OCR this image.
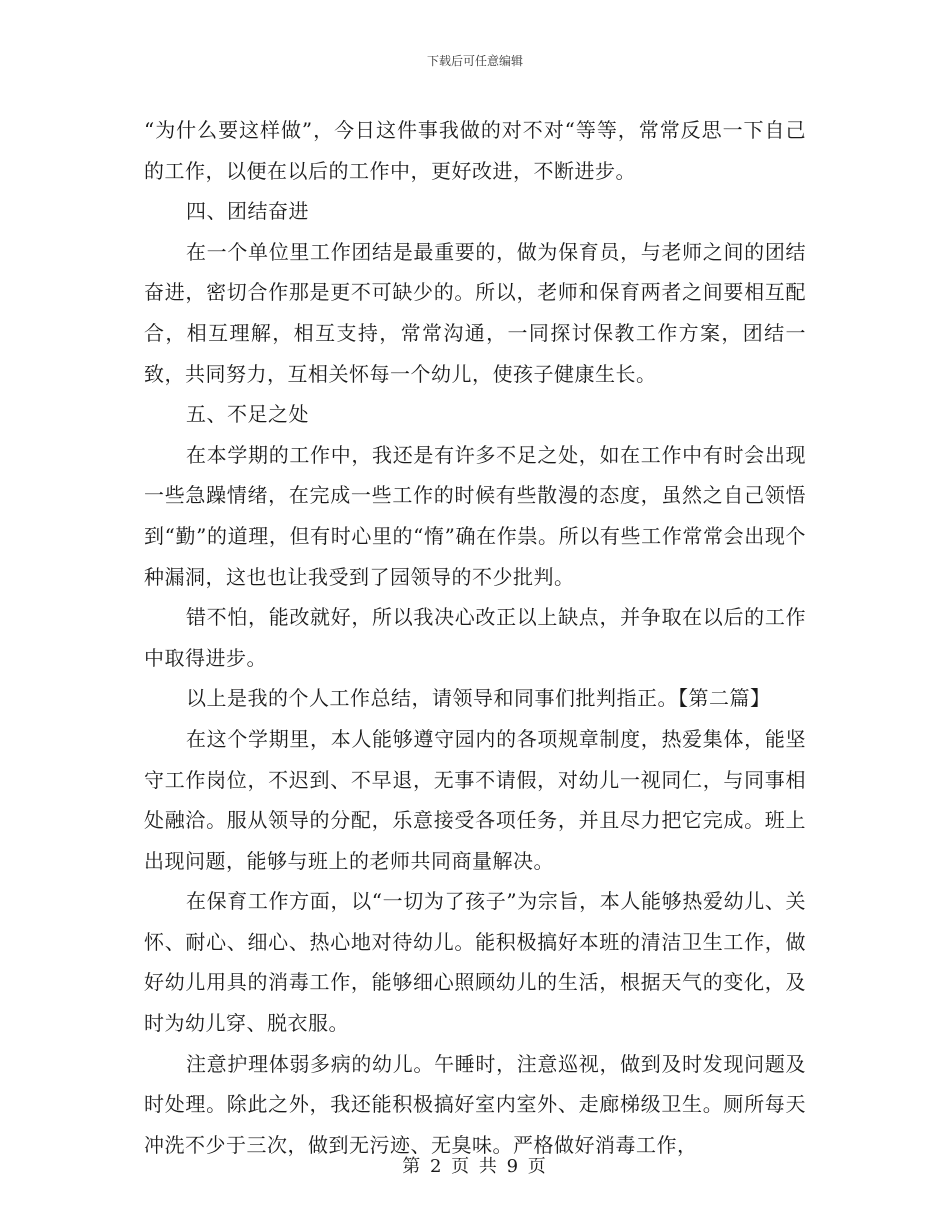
下载后可任意编辑

“为什么要这样做”，今日这件事我做的对不对“等等，常常反思一下自己的工作，以便在以后的工作中，更好改进，不断进步。

四、团结奋进

在一个单位里工作团结是最重要的，做为保育员，与老师之间的团结奋进，密切合作那是更不可缺少的。所以，老师和保育两者之间要相互配合，相互理解，相互支持，常常沟通，一同探讨保教工作方案，团结一致，共同努力，互相关怀每一个幼儿，使孩子健康生长。

五、不足之处

在本学期的工作中，我还是有许多不足之处，如在工作中有时会出现一些急躁情绪，在完成一些工作的时候有些散漫的态度，虽然之自己领悟到“勤”的道理，但有时心里的“惰”确在作祟。所以有些工作常常会出现个种漏洞，这也也让我受到了园领导的不少批判。

错不怕，能改就好，所以我决心改正以上缺点，并争取在以后的工作中取得进步。

以上是我的个人工作总结，请领导和同事们批判指正。【第二篇】

在这个学期里，本人能够遵守园内的各项规章制度，热爱集体，能坚守工作岗位，不迟到、不早退，无事不请假，对幼儿一视同仁，与同事相处融洽。服从领导的分配，乐意接受各项任务，并且尽力把它完成。班上出现问题，能够与班上的老师共同商量解决。

在保育工作方面，以“一切为了孩子”为宗旨，本人能够热爱幼儿、关怀、耐心、细心、热心地对待幼儿。能积极搞好本班的清洁卫生工作，做好幼儿用具的消毒工作，能够细心照顾幼儿的生活，根据天气的变化，及时为幼儿穿、脱衣服。

注意护理体弱多病的幼儿。午睡时，注意巡视，做到及时发现问题及时处理。除此之外，我还能积极搞好室内室外、走廊梯级卫生。厕所每天冲洗不少于三次，做到无污迹、无臭味。严格做好消毒工作，

第 2 页 共 9 页
